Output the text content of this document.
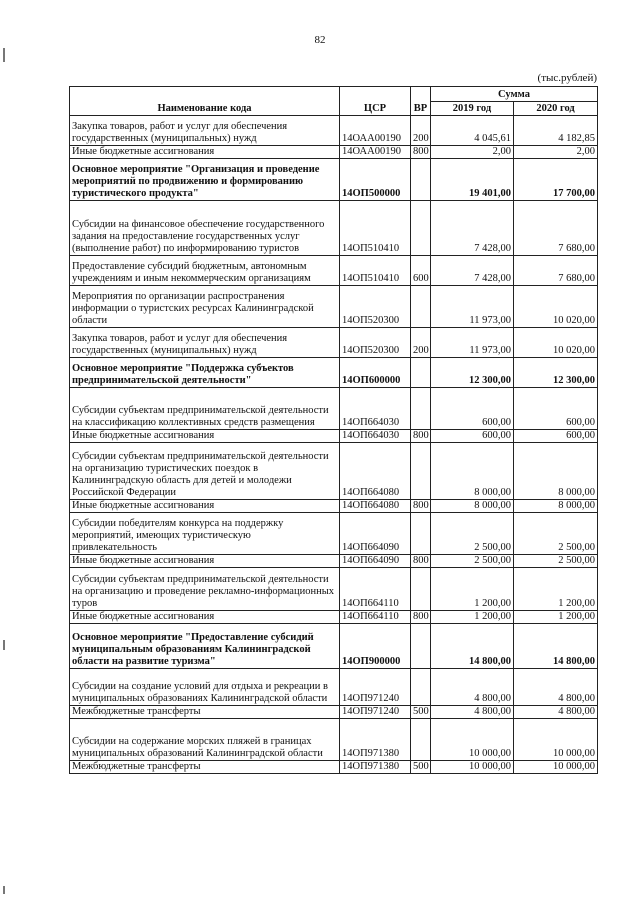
82
(тыс.рублей)
Наименование кода	ЦСР	ВР	Сумма	
			2019 год	2020 год
Закупка товаров, работ и услуг для обеспечения государственных (муниципальных) нужд	14ОАА00190	200	4 045,61	4 182,85
Иные бюджетные ассигнования	14ОАА00190	800	2,00	2,00
Основное мероприятие "Организация и проведение мероприятий по продвижению и формированию туристического продукта"	14ОП500000		19 401,00	17 700,00
Субсидии на финансовое обеспечение государственного задания на предоставление государственных услуг (выполнение работ) по информированию туристов	14ОП510410		7 428,00	7 680,00
Предоставление субсидий бюджетным, автономным учреждениям и иным некоммерческим организациям	14ОП510410	600	7 428,00	7 680,00
Мероприятия по организации распространения информации о туристских ресурсах Калининградской области	14ОП520300		11 973,00	10 020,00
Закупка товаров, работ и услуг для обеспечения государственных (муниципальных) нужд	14ОП520300	200	11 973,00	10 020,00
Основное мероприятие "Поддержка субъектов предпринимательской деятельности"	14ОП600000		12 300,00	12 300,00
Субсидии субъектам предпринимательской деятельности на классификацию коллективных средств размещения	14ОП664030		600,00	600,00
Иные бюджетные ассигнования	14ОП664030	800	600,00	600,00
Субсидии субъектам предпринимательской деятельности на организацию туристических поездок в Калининградскую область для детей и молодежи Российской Федерации	14ОП664080		8 000,00	8 000,00
Иные бюджетные ассигнования	14ОП664080	800	8 000,00	8 000,00
Субсидии победителям конкурса на поддержку мероприятий, имеющих туристическую привлекательность	14ОП664090		2 500,00	2 500,00
Иные бюджетные ассигнования	14ОП664090	800	2 500,00	2 500,00
Субсидии субъектам предпринимательской деятельности на организацию и проведение рекламно-информационных туров	14ОП664110		1 200,00	1 200,00
Иные бюджетные ассигнования	14ОП664110	800	1 200,00	1 200,00
Основное мероприятие "Предоставление субсидий муниципальным образованиям Калининградской области на развитие туризма"	14ОП900000		14 800,00	14 800,00
Субсидии на создание условий для отдыха и рекреации в муниципальных образованиях Калининградской области	14ОП971240		4 800,00	4 800,00
Межбюджетные трансферты	14ОП971240	500	4 800,00	4 800,00
Субсидии на содержание морских пляжей в границах муниципальных образований Калининградской области	14ОП971380		10 000,00	10 000,00
Межбюджетные трансферты	14ОП971380	500	10 000,00	10 000,00
